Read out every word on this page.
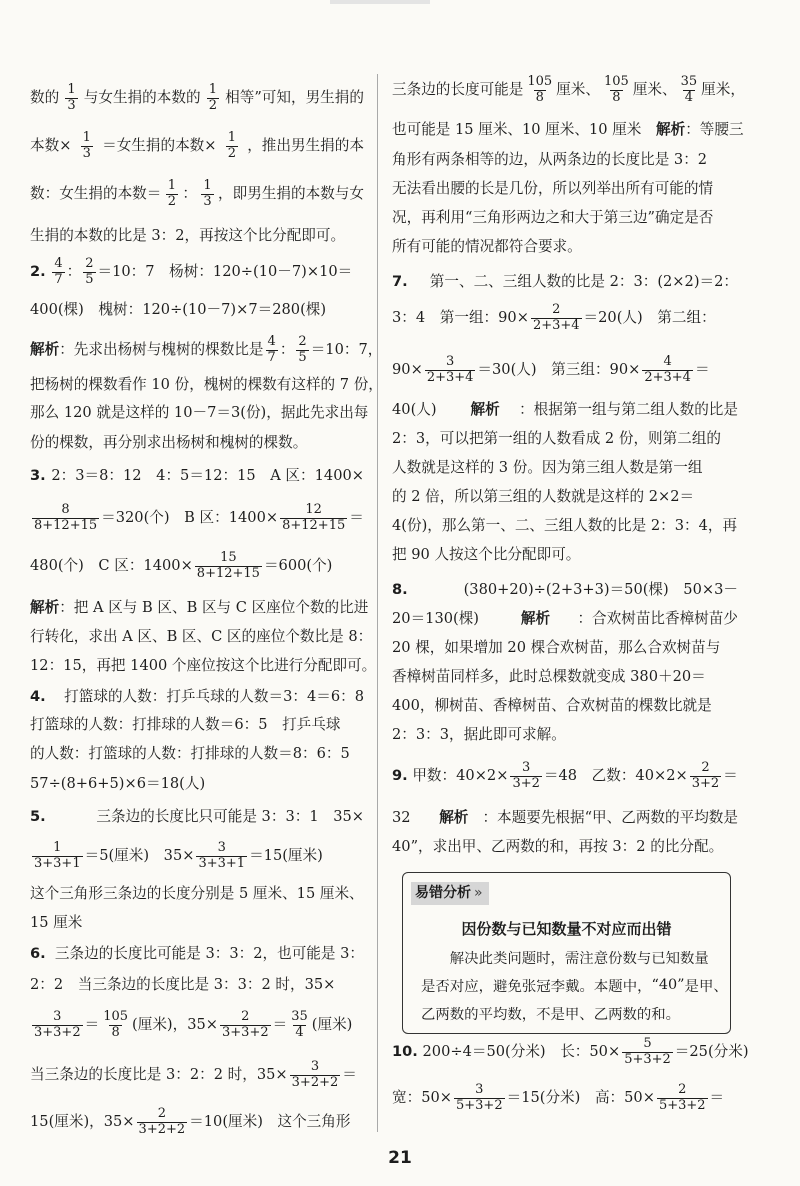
数的 $\frac{1}{3}$ 与女生捐的本数的 $\frac{1}{2}$ 相等”可知，男生捐的
本数× $\frac{1}{3}$ ＝女生捐的本数× $\frac{1}{2}$ ，推出男生捐的本
数：女生捐的本数＝ $\frac{1}{2}$ ： $\frac{1}{3}$ ，即男生捐的本数与女
生捐的本数的比是 3：2，再按这个比分配即可。
2.
$\frac{4}{7}$ ： $\frac{2}{5} =10$：7　杨树：120÷(10－7)×10＝
400(棵)　槐树：120÷(10－7)×7＝280(棵)
解析 ：先求出杨树与槐树的棵数比是 $\frac{4}{7}$ ： $\frac{2}{5} =10$：7，
把杨树的棵数看作 10 份，槐树的棵数有这样的 7 份，
那么 120 就是这样的 10－7＝3(份)，据此先求出每
份的棵数，再分别求出杨树和槐树的棵数。
3. 2：3＝8：12　4：5＝12：15　A 区：1400×
$\frac{8}{8+12+15} =320$(个)　B 区：$1400\times \frac{12}{8+12+15}$ ＝
480(个)　C 区：$1400\times \frac{15}{8+12+15} =600$(个)
解析 ：把 A 区与 B 区、B 区与 C 区座位个数的比进
行转化，求出 A 区、B 区、C 区的座位个数比是 8：
12：15，再把 1400 个座位按这个比进行分配即可。
4. 打篮球的人数：打乒乓球的人数＝3：4＝6：8
打篮球的人数：打排球的人数＝6：5　打乒乓球
的人数：打篮球的人数：打排球的人数＝8：6：5
57÷(8+6+5)×6＝18(人)
5.	三条边的长度比只可能是 3：3：1　35×
$\frac{1}{3+3+1} =5$(厘米)　$35\times \frac{3}{3+3+1} =15$(厘米)
这个三角形三条边的长度分别是 5 厘米、15 厘米、
15 厘米
6. 三条边的长度比可能是 3：3：2，也可能是 3：
2：2　当三条边的长度比是 3：3：2 时，35×
$\frac{3}{3+3+2} = \frac{105}{8}$ (厘米)，$35\times \frac{2}{3+3+2} = \frac{35}{4}$ (厘米)
当三条边的长度比是 3：2：2 时，$35\times \frac{3}{3+2+2}$ ＝
15(厘米)，$35\times \frac{2}{3+2+2} =10$(厘米)　这个三角形
三条边的长度可能是 $\frac{105}{8}$ 厘米、 $\frac{105}{8}$ 厘米、 $\frac{35}{4}$ 厘米，
也可能是 15 厘米、10 厘米、10 厘米　 解析 ：等腰三
角形有两条相等的边，从两条边的长度比是 3：2
无法看出腰的长是几份，所以列举出所有可能的情
况，再利用“三角形两边之和大于第三边”确定是否
所有可能的情况都符合要求。
7. 第一、二、三组人数的比是 2：3：(2×2)＝2：
3：4　第一组：$90\times \frac{2}{2+3+4} =20$(人)　第二组：
$90\times \frac{3}{2+3+4} =30$(人)　第三组：$90\times \frac{4}{2+3+4}$ ＝
40(人)　 解析 ：根据第一组与第二组人数的比是
2：3，可以把第一组的人数看成 2 份，则第二组的
人数就是这样的 3 份。因为第三组人数是第一组
的 2 倍，所以第三组的人数就是这样的 2×2＝
4(份)，那么第一、二、三组人数的比是 2：3：4，再
把 90 人按这个比分配即可。
8.	(380+20)÷(2+3+3)＝50(棵)　50×3－
20＝130(棵)　 解析 ：合欢树苗比香樟树苗少
20 棵，如果增加 20 棵合欢树苗，那么合欢树苗与
香樟树苗同样多，此时总棵数就变成 380＋20＝
400，柳树苗、香樟树苗、合欢树苗的棵数比就是
2：3：3，据此即可求解。
9. 甲数：$40\times 2\times \frac{3}{3+2} =48$　乙数：$40\times 2\times \frac{2}{3+2}$ ＝
32　 解析 ：本题要先根据“甲、乙两数的平均数是
40”，求出甲、乙两数的和，再按 3：2 的比分配。
10. 200÷4＝50(分米)　长：$50\times \frac{5}{5+3+2} =25$(分米)
宽：$50\times \frac{3}{5+3+2} =15$(分米)　高：$50\times \frac{2}{5+3+2}$ ＝
易错分析 »
因份数与已知数量不对应而出错
　　解决此类问题时，需注意份数与已知数量
是 否 对 应 ， 避 免 张 冠 李 戴 。 本 题 中 ， “ 4 0 ” 是 甲 、
乙两数的平均数，不是甲、乙两数的和。
21
